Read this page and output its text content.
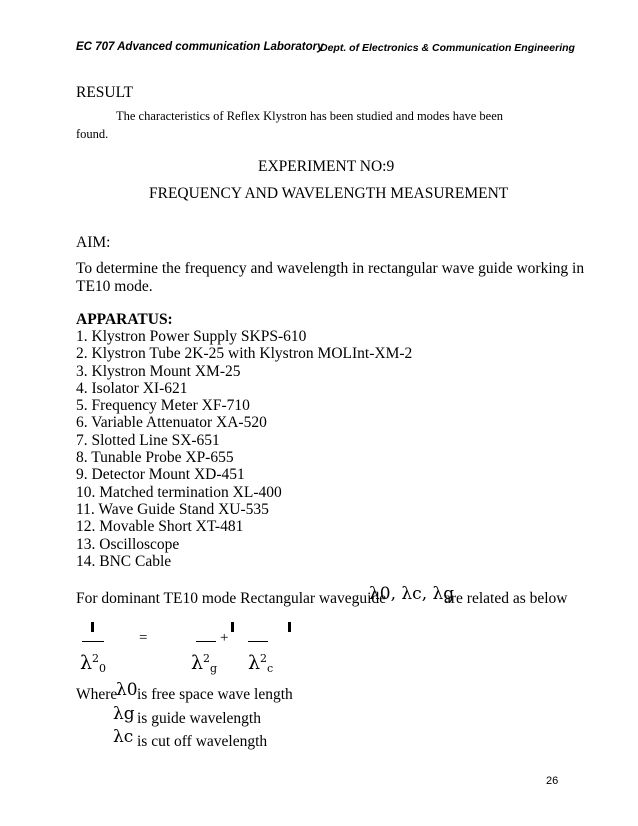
EC 707 Advanced communication Laboratory
Dept. of Electronics & Communication Engineering
RESULT
The characteristics of Reflex Klystron has been studied and modes have been
found.
EXPERIMENT NO:9
FREQUENCY AND WAVELENGTH MEASUREMENT
AIM:
To determine the frequency and wavelength in rectangular wave guide working in
TE10 mode.
APPARATUS:
1. Klystron Power Supply SKPS-610
2. Klystron Tube 2K-25 with Klystron MOLInt-XM-2
3. Klystron Mount XM-25
4. Isolator XI-621
5. Frequency Meter XF-710
6. Variable Attenuator XA-520
7. Slotted Line SX-651
8. Tunable Probe XP-655
9. Detector Mount XD-451
10. Matched termination XL-400
11. Wave Guide Stand XU-535
12. Movable Short XT-481
13. Oscilloscope
14. BNC Cable
For dominant TE10 mode Rectangular waveguide
λ0, λc, λg
are related as below
=	+
$\lambda^20$	$\lambda^2g$ $\lambda^2c$
Where
λ0 is free space wave length
λg is guide wavelength
λc is cut off wavelength
26
